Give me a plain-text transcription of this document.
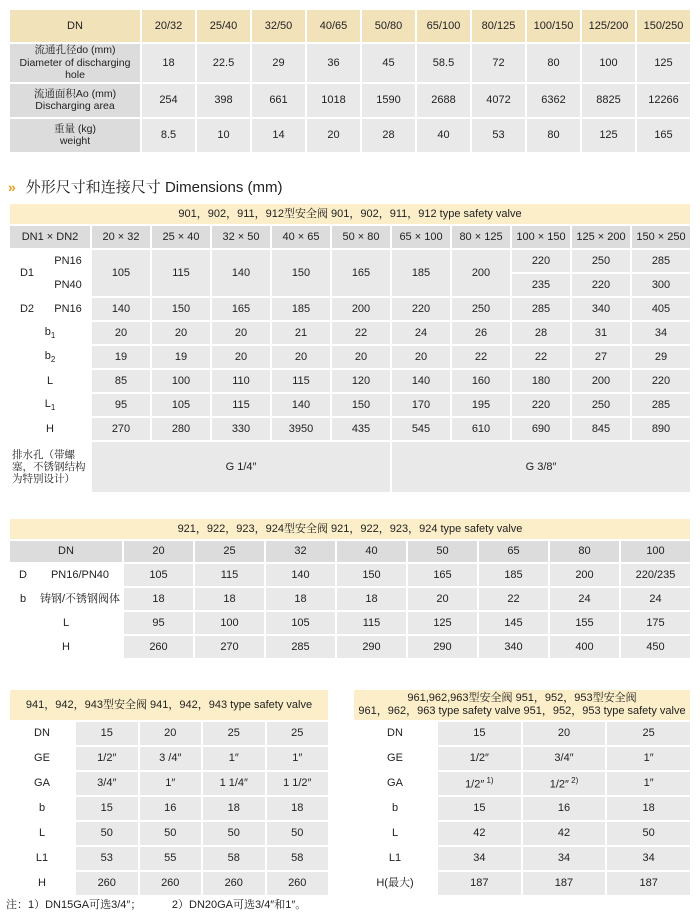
DN	20/32	25/40	32/50	40/65	50/80	65/100	80/125	100/150	125/200	150/250
流通孔径do (mm)
Diameter of discharging hole	18	22.5	29	36	45	58.5	72	80	100	125
流通面积Ao (mm)
Discharging area	254	398	661	1018	1590	2688	4072	6362	8825	12266
重量 (kg)
weight	8.5	10	14	20	28	40	53	80	125	165
» 外形尺寸和连接尺寸 Dimensions (mm)
901，902，911，912型安全阀 901，902，911，912 type safety valve											
DN1 × DN2		20 × 32	25 × 40	32 × 50	40 × 65	50 × 80	65 × 100	80 × 125	100 × 150	125 × 200	150 × 250
D1	PN16	105	115	140	150	165	185	200	220	250	285
	PN40								235	220	300
D2	PN16	140	150	165	185	200	220	250	285	340	405
$b_1$		20	20	20	21	22	24	26	28	31	34
$b_2$		19	19	20	20	20	20	22	22	27	29
L		85	100	110	115	120	140	160	180	200	220
$L_1$		95	105	115	140	150	170	195	220	250	285
H		270	280	330	3950	435	545	610	690	845	890
排水孔（带螺塞，不锈钢结构为特别设计）		G 1/4″					G 3/8″				
921，922，923，924型安全阀 921，922，923，924 type safety valve									
DN		20	25	32	40	50	65	80	100
D	PN16/PN40	105	115	140	150	165	185	200	220/235
b	铸钢/不锈钢阀体	18	18	18	18	20	22	24	24
L		95	100	105	115	125	145	155	175
H		260	270	285	290	290	340	400	450
941，942，943型安全阀 941，942，943 type safety valve				
DN	15	20	25	25
GE	1/2″	3 /4″	1″	1″
GA	3/4″	1″	1 1/4″	1 1/2″
b	15	16	18	18
L	50	50	50	50
L1	53	55	58	58
H	260	260	260	260
961,962,963型安全阀 951，952，953型安全阀
961，962，963 type safety valve 951，952，953 type safety valve			
DN	15	20	25
GE	1/2″	3/4″	1″
GA	1/2″ $^{1)}$	1/2″ $^{2)}$	1″
b	15	16	18
L	42	42	50
L1	34	34	34
H(最大)	187	187	187
注：1）DN15GA可选3/4″；          2）DN20GA可选3/4″和1″。
